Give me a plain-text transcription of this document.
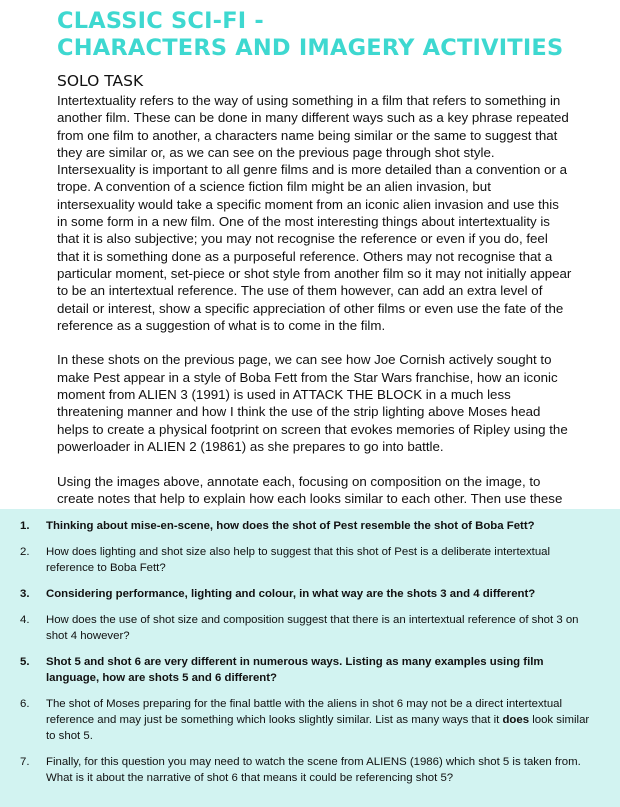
CLASSIC SCI-FI -
CHARACTERS AND IMAGERY ACTIVITIES
SOLO TASK

Intertextuality refers to the way of using something in a film that refers to something in another film. These can be done in many different ways such as a key phrase repeated from one film to another, a characters name being similar or the same to suggest that they are similar or, as we can see on the previous page through shot style. Intersexuality is important to all genre films and is more detailed than a convention or a trope. A convention of a science fiction film might be an alien invasion, but intersexuality would take a specific moment from an iconic alien invasion and use this in some form in a new film. One of the most interesting things about intertextuality is that it is also subjective; you may not recognise the reference or even if you do, feel that it is something done as a purposeful reference. Others may not recognise that a particular moment, set-piece or shot style from another film so it may not initially appear to be an intertextual reference. The use of them however, can add an extra level of detail or interest, show a specific appreciation of other films or even use the fate of the reference as a suggestion of what is to come in the film.

In these shots on the previous page, we can see how Joe Cornish actively sought to make Pest appear in a style of Boba Fett from the Star Wars franchise, how an iconic moment from ALIEN 3 (1991) is used in ATTACK THE BLOCK in a much less threatening manner and how I think the use of the strip lighting above Moses head helps to create a physical footprint on screen that evokes memories of Ripley using the powerloader in ALIEN 2 (19861) as she prepares to go into battle.

Using the images above, annotate each, focusing on composition on the image, to create notes that help to explain how each looks similar to each other. Then use these

1. Thinking about mise-en-scene, how does the shot of Pest resemble the shot of Boba Fett?
2. How does lighting and shot size also help to suggest that this shot of Pest is a deliberate intertextual reference to Boba Fett?
3. Considering performance, lighting and colour, in what way are the shots 3 and 4 different?
4. How does the use of shot size and composition suggest that there is an intertextual reference of shot 3 on shot 4 however?
5. Shot 5 and shot 6 are very different in numerous ways. Listing as many examples using film language, how are shots 5 and 6 different?
6. The shot of Moses preparing for the final battle with the aliens in shot 6 may not be a direct intertextual reference and may just be something which looks slightly similar. List as many ways that it does look similar to shot 5.
7. Finally, for this question you may need to watch the scene from ALIENS (1986) which shot 5 is taken from. What is it about the narrative of shot 6 that means it could be referencing shot 5?
